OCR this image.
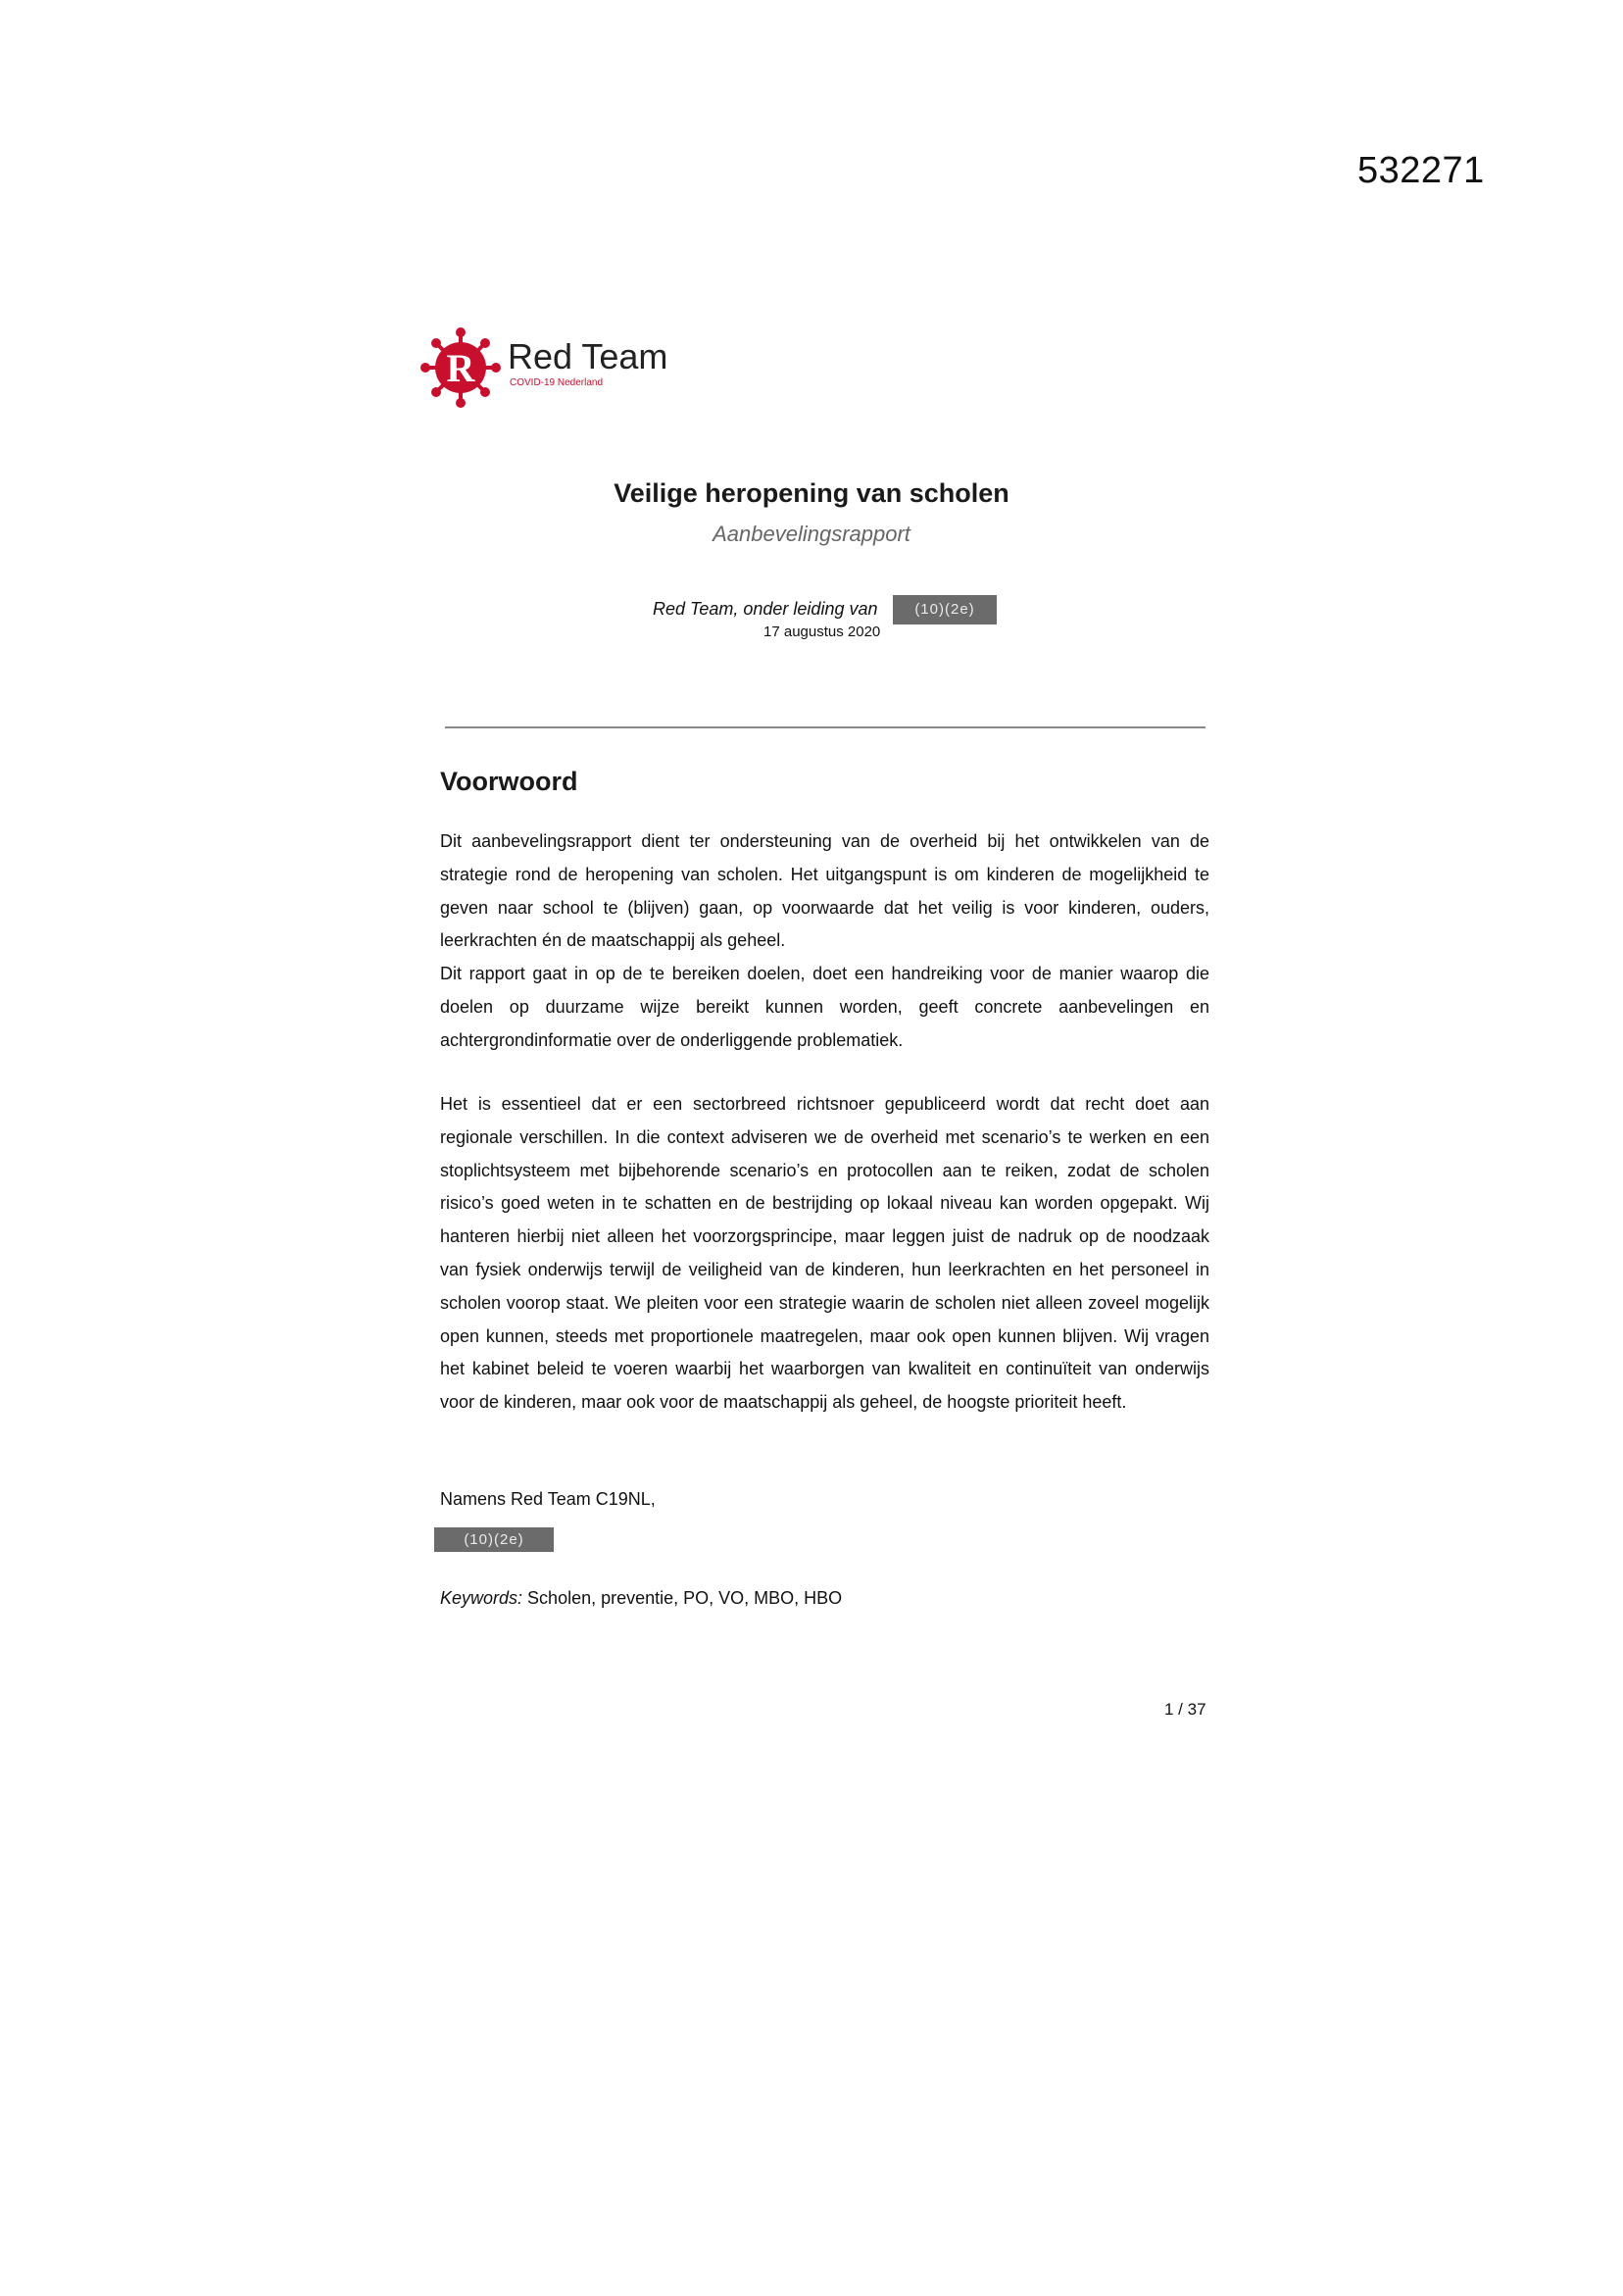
532271
R Red Team
COVID-19 Nederland
Veilige heropening van scholen
Aanbevelingsrapport
Red Team, onder leiding van	(10)(2e)
17 augustus 2020
Voorwoord
Dit aanbevelingsrapport dient ter ondersteuning van de overheid bij het ontwikkelen van de strategie rond de heropening van scholen. Het uitgangspunt is om kinderen de mogelijkheid te geven naar school te (blijven) gaan, op voorwaarde dat het veilig is voor kinderen, ouders, leerkrachten én de maatschappij als geheel.
Dit rapport gaat in op de te bereiken doelen, doet een handreiking voor de manier waarop die doelen op duurzame wijze bereikt kunnen worden, geeft concrete aanbevelingen en achtergrondinformatie over de onderliggende problematiek.
Het is essentieel dat er een sectorbreed richtsnoer gepubliceerd wordt dat recht doet aan regionale verschillen. In die context adviseren we de overheid met scenario’s te werken en een stoplichtsysteem met bijbehorende scenario’s en protocollen aan te reiken, zodat de scholen risico’s goed weten in te schatten en de bestrijding op lokaal niveau kan worden opgepakt. Wij hanteren hierbij niet alleen het voorzorgsprincipe, maar leggen juist de nadruk op de noodzaak van fysiek onderwijs terwijl de veiligheid van de kinderen, hun leerkrachten en het personeel in scholen voorop staat. We pleiten voor een strategie waarin de scholen niet alleen zoveel mogelijk open kunnen, steeds met proportionele maatregelen, maar ook open kunnen blijven. Wij vragen het kabinet beleid te voeren waarbij het waarborgen van kwaliteit en continuïteit van onderwijs voor de kinderen, maar ook voor de maatschappij als geheel, de hoogste prioriteit heeft.
Namens Red Team C19NL,
(10)(2e)
Keywords: Scholen, preventie, PO, VO, MBO, HBO
1 / 37
